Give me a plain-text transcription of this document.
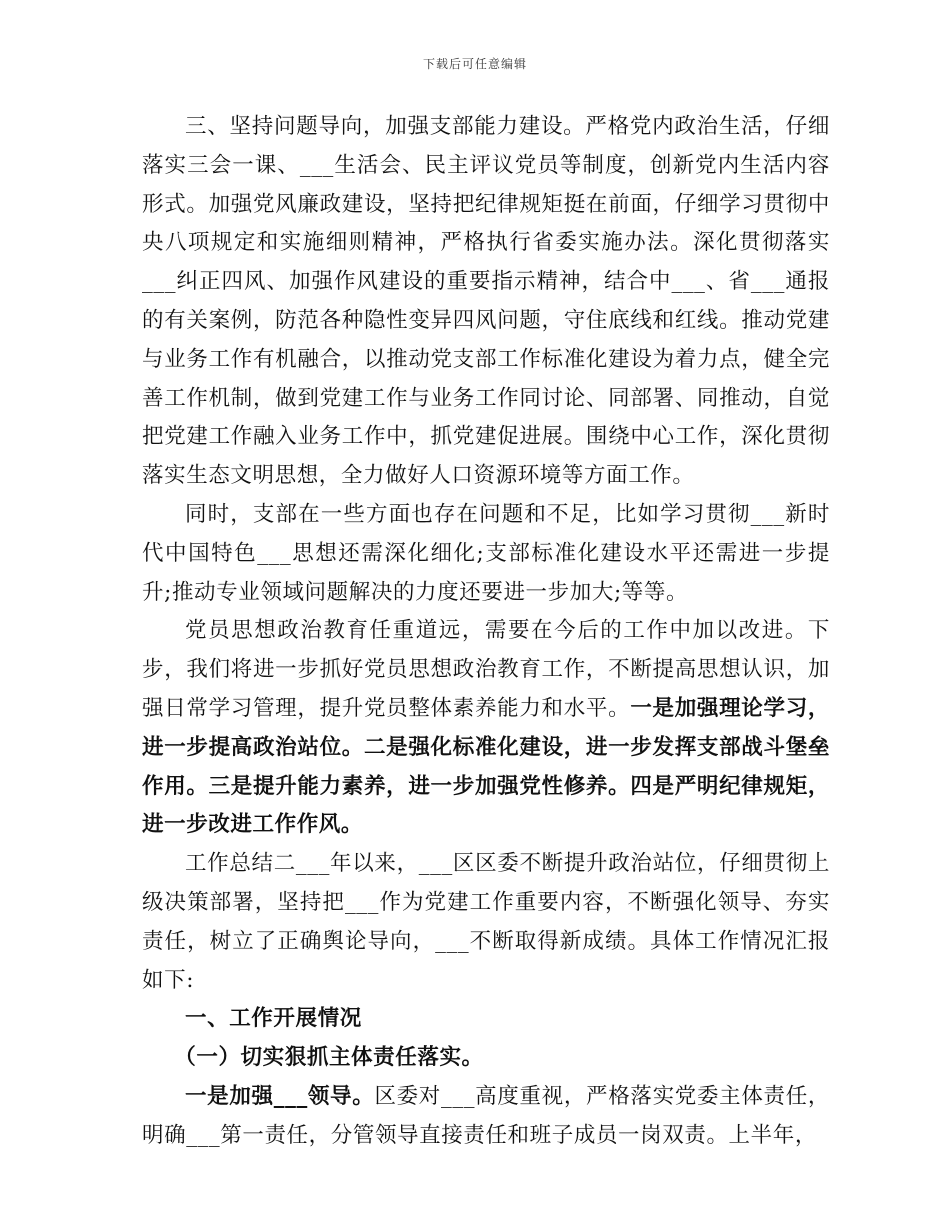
下载后可任意编辑

三、坚持问题导向，加强支部能力建设。严格党内政治生活，仔细落实三会一课、___生活会、民主评议党员等制度，创新党内生活内容形式。加强党风廉政建设，坚持把纪律规矩挺在前面，仔细学习贯彻中央八项规定和实施细则精神，严格执行省委实施办法。深化贯彻落实___纠正四风、加强作风建设的重要指示精神，结合中___、省___通报的有关案例，防范各种隐性变异四风问题，守住底线和红线。推动党建与业务工作有机融合，以推动党支部工作标准化建设为着力点，健全完善工作机制，做到党建工作与业务工作同讨论、同部署、同推动，自觉把党建工作融入业务工作中，抓党建促进展。围绕中心工作，深化贯彻落实生态文明思想，全力做好人口资源环境等方面工作。

同时，支部在一些方面也存在问题和不足，比如学习贯彻___新时代中国特色___思想还需深化细化;支部标准化建设水平还需进一步提升;推动专业领域问题解决的力度还要进一步加大;等等。

党员思想政治教育任重道远，需要在今后的工作中加以改进。下步，我们将进一步抓好党员思想政治教育工作，不断提高思想认识，加强日常学习管理，提升党员整体素养能力和水平。一是加强理论学习，进一步提高政治站位。二是强化标准化建设，进一步发挥支部战斗堡垒作用。三是提升能力素养，进一步加强党性修养。四是严明纪律规矩，进一步改进工作作风。

工作总结二___年以来，___区区委不断提升政治站位，仔细贯彻上级决策部署，坚持把___作为党建工作重要内容，不断强化领导、夯实责任，树立了正确舆论导向，___不断取得新成绩。具体工作情况汇报如下:

一、工作开展情况

（一）切实狠抓主体责任落实。

一是加强___领导。区委对___高度重视，严格落实党委主体责任，明确___第一责任，分管领导直接责任和班子成员一岗双责。上半年，
